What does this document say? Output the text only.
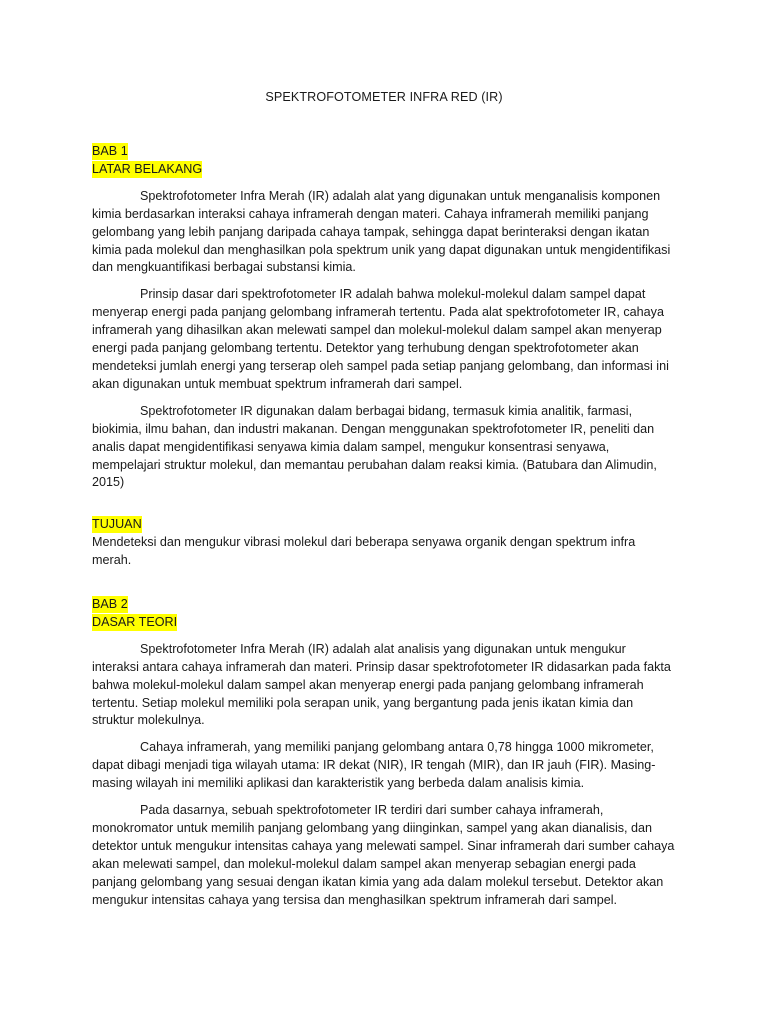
SPEKTROFOTOMETER INFRA RED (IR)
BAB 1
LATAR BELAKANG

Spektrofotometer Infra Merah (IR) adalah alat yang digunakan untuk menganalisis komponen kimia berdasarkan interaksi cahaya inframerah dengan materi. Cahaya inframerah memiliki panjang gelombang yang lebih panjang daripada cahaya tampak, sehingga dapat berinteraksi dengan ikatan kimia pada molekul dan menghasilkan pola spektrum unik yang dapat digunakan untuk mengidentifikasi dan mengkuantifikasi berbagai substansi kimia.

Prinsip dasar dari spektrofotometer IR adalah bahwa molekul-molekul dalam sampel dapat menyerap energi pada panjang gelombang inframerah tertentu. Pada alat spektrofotometer IR, cahaya inframerah yang dihasilkan akan melewati sampel dan molekul-molekul dalam sampel akan menyerap energi pada panjang gelombang tertentu. Detektor yang terhubung dengan spektrofotometer akan mendeteksi jumlah energi yang terserap oleh sampel pada setiap panjang gelombang, dan informasi ini akan digunakan untuk membuat spektrum inframerah dari sampel.

Spektrofotometer IR digunakan dalam berbagai bidang, termasuk kimia analitik, farmasi, biokimia, ilmu bahan, dan industri makanan. Dengan menggunakan spektrofotometer IR, peneliti dan analis dapat mengidentifikasi senyawa kimia dalam sampel, mengukur konsentrasi senyawa, mempelajari struktur molekul, dan memantau perubahan dalam reaksi kimia. (Batubara dan Alimudin, 2015)

TUJUAN

Mendeteksi dan mengukur vibrasi molekul dari beberapa senyawa organik dengan spektrum infra merah.

BAB 2
DASAR TEORI

Spektrofotometer Infra Merah (IR) adalah alat analisis yang digunakan untuk mengukur interaksi antara cahaya inframerah dan materi. Prinsip dasar spektrofotometer IR didasarkan pada fakta bahwa molekul-molekul dalam sampel akan menyerap energi pada panjang gelombang inframerah tertentu. Setiap molekul memiliki pola serapan unik, yang bergantung pada jenis ikatan kimia dan struktur molekulnya.

Cahaya inframerah, yang memiliki panjang gelombang antara 0,78 hingga 1000 mikrometer, dapat dibagi menjadi tiga wilayah utama: IR dekat (NIR), IR tengah (MIR), dan IR jauh (FIR). Masing-masing wilayah ini memiliki aplikasi dan karakteristik yang berbeda dalam analisis kimia.

Pada dasarnya, sebuah spektrofotometer IR terdiri dari sumber cahaya inframerah, monokromator untuk memilih panjang gelombang yang diinginkan, sampel yang akan dianalisis, dan detektor untuk mengukur intensitas cahaya yang melewati sampel. Sinar inframerah dari sumber cahaya akan melewati sampel, dan molekul-molekul dalam sampel akan menyerap sebagian energi pada panjang gelombang yang sesuai dengan ikatan kimia yang ada dalam molekul tersebut. Detektor akan mengukur intensitas cahaya yang tersisa dan menghasilkan spektrum inframerah dari sampel.
